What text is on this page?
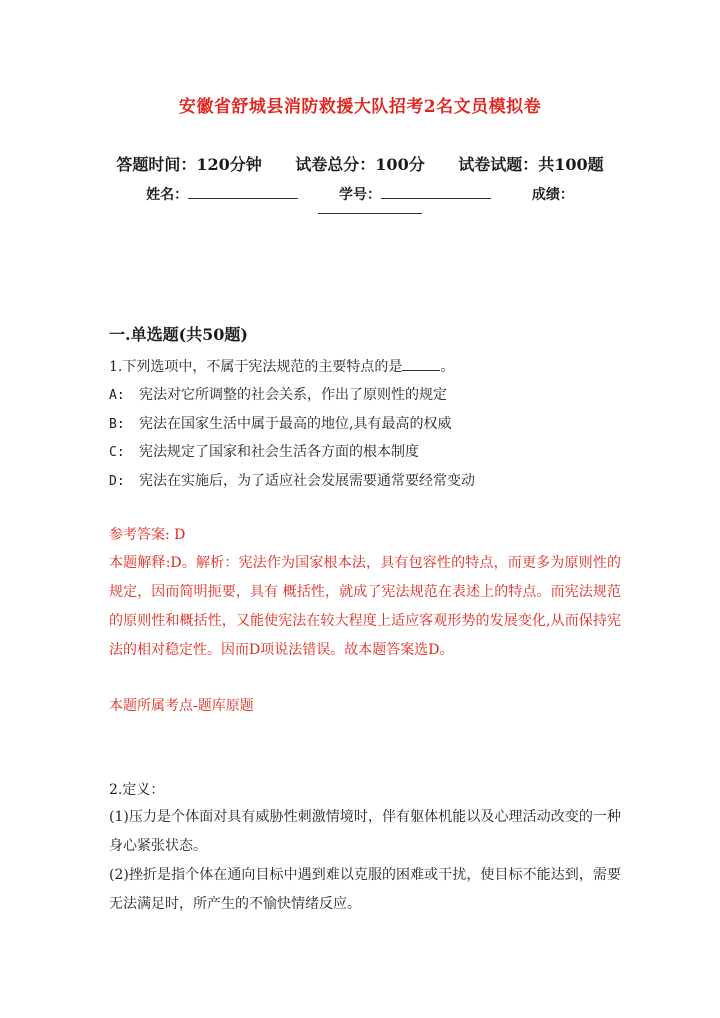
安徽省舒城县消防救援大队招考2名文员模拟卷
答题时间：120分钟 试卷总分：100分 试卷试题：共100题
姓名：	学号：	成绩：
一.单选题(共50题)
1.下列选项中，不属于宪法规范的主要特点的是	。
A: 宪法对它所调整的社会关系，作出了原则性的规定
B: 宪法在国家生活中属于最高的地位,具有最高的权威
C: 宪法规定了国家和社会生活各方面的根本制度
D: 宪法在实施后，为了适应社会发展需要通常要经常变动
参考答案: D
本题解释:D。解析：宪法作为国家根本法，具有包容性的特点，而更多为原则性的规定，因而简明扼要，具有 概括性，就成了宪法规范在表述上的特点。而宪法规范的原则性和概括性，又能使宪法在较大程度上适应客观形势的发展变化,从而保持宪法的相对稳定性。因而D项说法错误。故本题答案选D。
本题所属考点-题库原题
2.定义：
(1)压力是个体面对具有威胁性刺激情境时，伴有躯体机能以及心理活动改变的一种身心紧张状态。
(2)挫折是指个体在通向目标中遇到难以克服的困难或干扰，使目标不能达到，需要无法满足时，所产生的不愉快情绪反应。
